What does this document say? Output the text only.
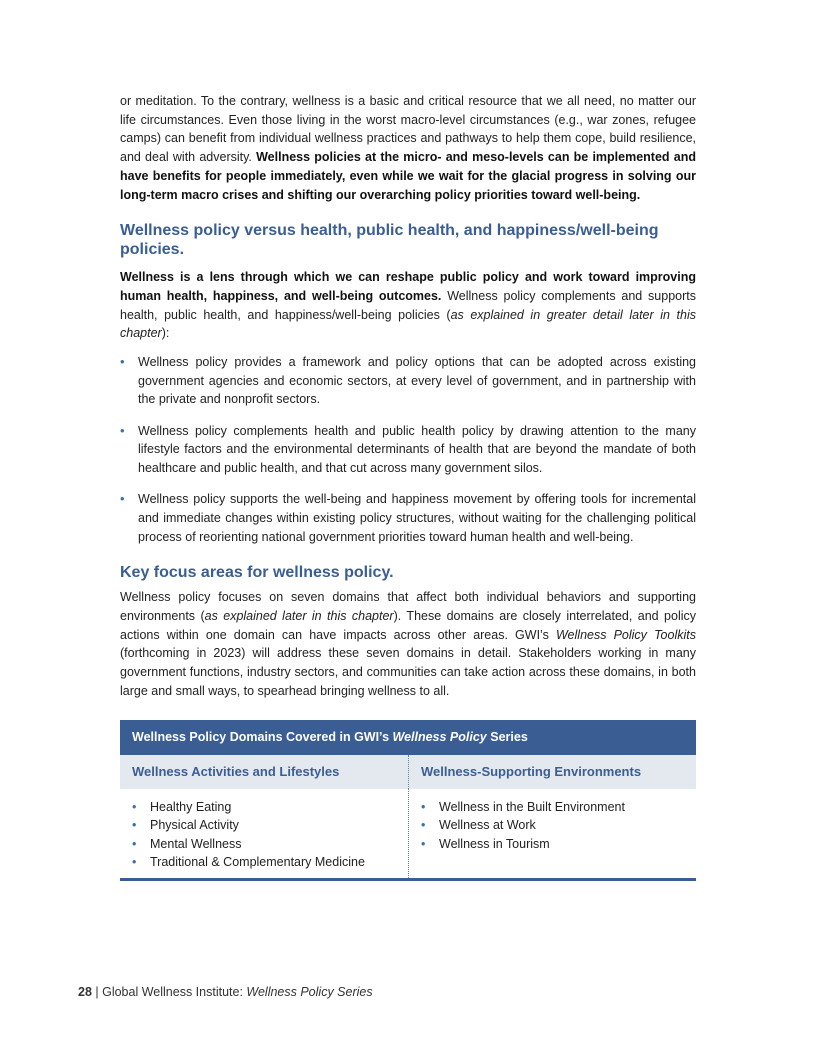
or meditation. To the contrary, wellness is a basic and critical resource that we all need, no matter our life circumstances. Even those living in the worst macro-level circumstances (e.g., war zones, refugee camps) can benefit from individual wellness practices and pathways to help them cope, build resilience, and deal with adversity. Wellness policies at the micro- and meso-levels can be implemented and have benefits for people immediately, even while we wait for the glacial progress in solving our long-term macro crises and shifting our overarching policy priorities toward well-being.

Wellness policy versus health, public health, and happiness/well-being policies.

Wellness is a lens through which we can reshape public policy and work toward improving human health, happiness, and well-being outcomes. Wellness policy complements and supports health, public health, and happiness/well-being policies (as explained in greater detail later in this chapter):

• Wellness policy provides a framework and policy options that can be adopted across existing government agencies and economic sectors, at every level of government, and in partnership with the private and nonprofit sectors.
• Wellness policy complements health and public health policy by drawing attention to the many lifestyle factors and the environmental determinants of health that are beyond the mandate of both healthcare and public health, and that cut across many government silos.
• Wellness policy supports the well-being and happiness movement by offering tools for incremental and immediate changes within existing policy structures, without waiting for the challenging political process of reorienting national government priorities toward human health and well-being.
Key focus areas for wellness policy.

Wellness policy focuses on seven domains that affect both individual behaviors and supporting environments (as explained later in this chapter). These domains are closely interrelated, and policy actions within one domain can have impacts across other areas. GWI’s Wellness Policy Toolkits (forthcoming in 2023) will address these seven domains in detail. Stakeholders working in many government functions, industry sectors, and communities can take action across these domains, in both large and small ways, to spearhead bringing wellness to all.

Wellness Policy Domains Covered in GWI’s Wellness Policy Series
Wellness Activities and Lifestyles	Wellness-Supporting Environments
• Healthy Eating
• Physical Activity
• Mental Wellness
• Traditional & Complementary Medicine
• Wellness in the Built Environment
• Wellness at Work
• Wellness in Tourism
28 | Global Wellness Institute: Wellness Policy Series
